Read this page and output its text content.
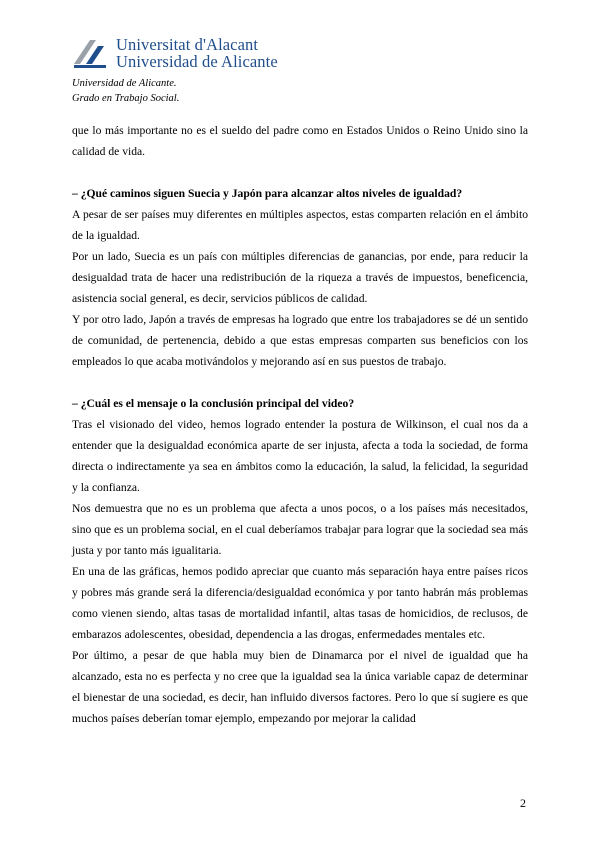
Universitat d'Alacant
Universidad de Alicante
Universidad de Alicante.
Grado en Trabajo Social.

que lo más importante no es el sueldo del padre como en Estados Unidos o Reino Unido sino la calidad de vida.

– ¿Qué caminos siguen Suecia y Japón para alcanzar altos niveles de igualdad?

A pesar de ser países muy diferentes en múltiples aspectos, estas comparten relación en el ámbito de la igualdad.

Por un lado, Suecia es un país con múltiples diferencias de ganancias, por ende, para reducir la desigualdad trata de hacer una redistribución de la riqueza a través de impuestos, beneficencia, asistencia social general, es decir, servicios públicos de calidad.

Y por otro lado, Japón a través de empresas ha logrado que entre los trabajadores se dé un sentido de comunidad, de pertenencia, debido a que estas empresas comparten sus beneficios con los empleados lo que acaba motivándolos y mejorando así en sus puestos de trabajo.

– ¿Cuál es el mensaje o la conclusión principal del video?

Tras el visionado del video, hemos logrado entender la postura de Wilkinson, el cual nos da a entender que la desigualdad económica aparte de ser injusta, afecta a toda la sociedad, de forma directa o indirectamente ya sea en ámbitos como la educación, la salud, la felicidad, la seguridad y la confianza.

Nos demuestra que no es un problema que afecta a unos pocos, o a los países más necesitados, sino que es un problema social, en el cual deberíamos trabajar para lograr que la sociedad sea más justa y por tanto más igualitaria.

En una de las gráficas, hemos podido apreciar que cuanto más separación haya entre países ricos y pobres más grande será la diferencia/desigualdad económica y por tanto habrán más problemas como vienen siendo, altas tasas de mortalidad infantil, altas tasas de homicidios, de reclusos, de embarazos adolescentes, obesidad, dependencia a las drogas, enfermedades mentales etc.

Por último, a pesar de que habla muy bien de Dinamarca por el nivel de igualdad que ha alcanzado, esta no es perfecta y no cree que la igualdad sea la única variable capaz de determinar el bienestar de una sociedad, es decir, han influido diversos factores. Pero lo que sí sugiere es que muchos países deberían tomar ejemplo, empezando por mejorar la calidad

2
